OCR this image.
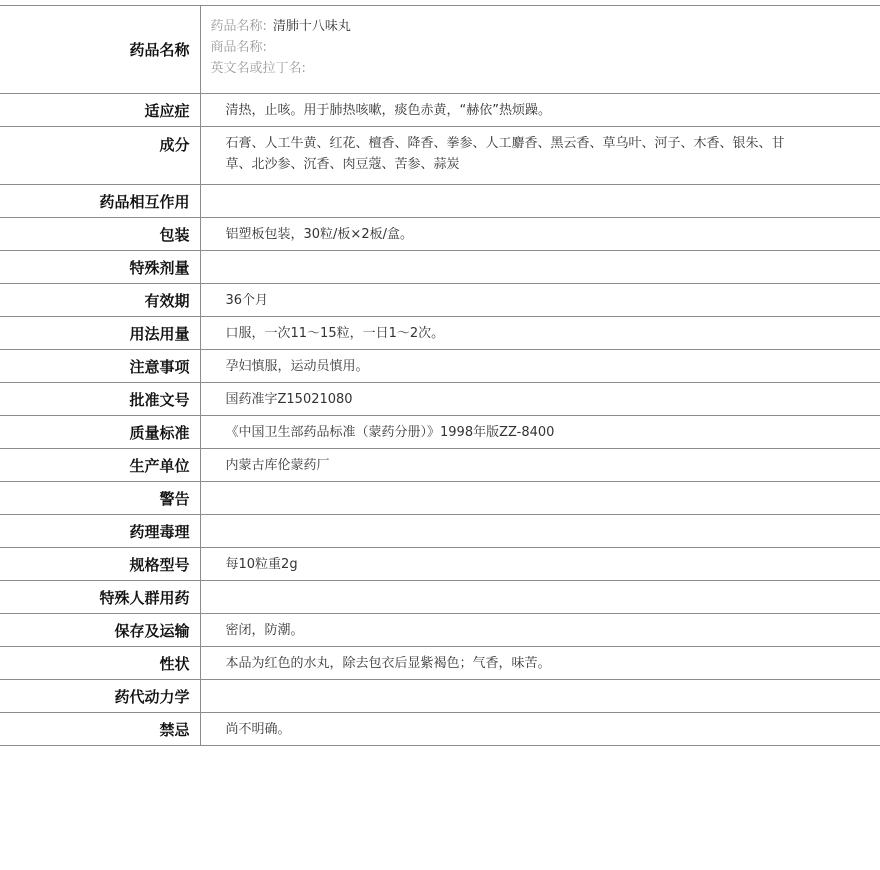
药品名称	药品名称: 清肺十八味丸
商品名称:
英文名或拉丁名:

适应症	清热，止咳。用于肺热咳嗽，痰色赤黄，“赫依”热烦躁。
成分	石膏、人工牛黄、红花、檀香、降香、拳参、人工麝香、黑云香、草乌叶、河子、木香、银朱、甘草、北沙参、沉香、肉豆蔻、苦参、蒜炭

药品相互作用	
包装	铝塑板包装，30粒/板×2板/盒。
特殊剂量	
有效期	36个月
用法用量	口服，一次11～15粒，一日1～2次。
注意事项	孕妇慎服，运动员慎用。
批准文号	国药准字Z15021080
质量标准	《中国卫生部药品标准（蒙药分册）》1998年版ZZ-8400
生产单位	内蒙古库伦蒙药厂
警告	
药理毒理	
规格型号	每10粒重2g
特殊人群用药	
保存及运输	密闭，防潮。
性状	本品为红色的水丸，除去包衣后显紫褐色；气香，味苦。
药代动力学	
禁忌	尚不明确。
